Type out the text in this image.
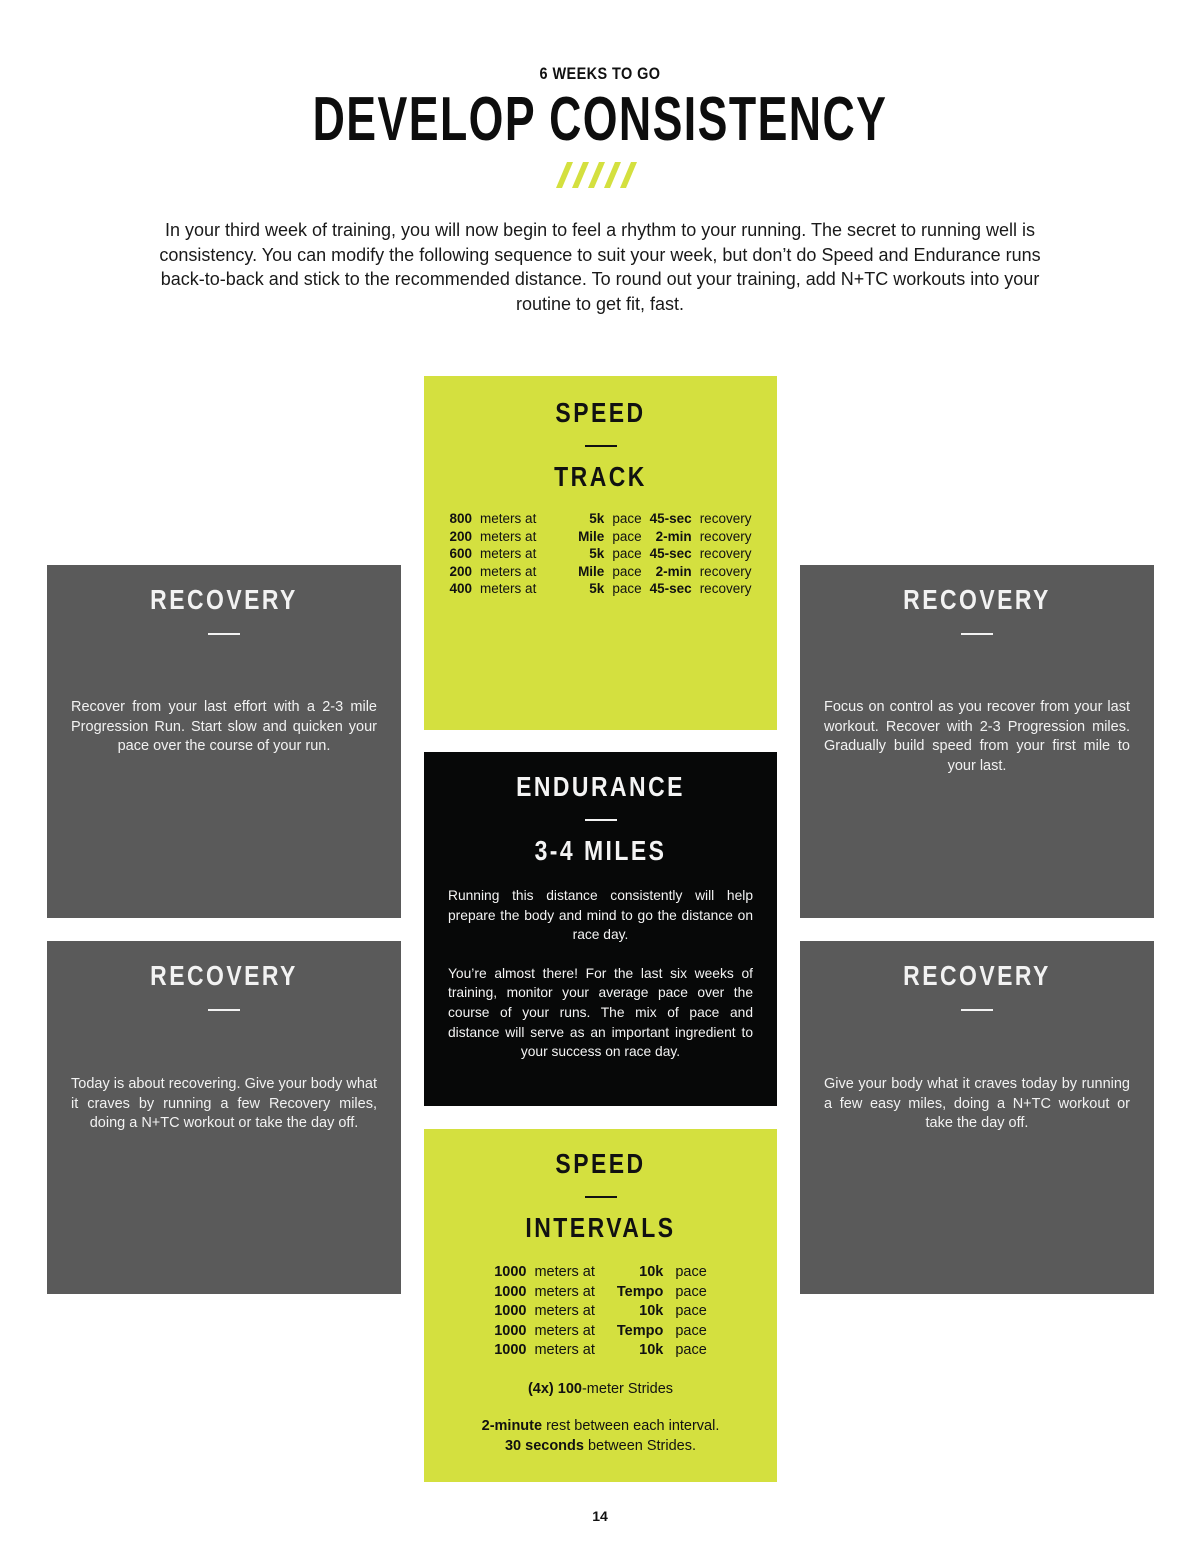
6 WEEKS TO GO
DEVELOP CONSISTENCY
In your third week of training, you will now begin to feel a rhythm to your running. The secret to running well is consistency. You can modify the following sequence to suit your week, but don’t do Speed and Endurance runs back-to-back and stick to the recommended distance. To round out your training, add N+TC workouts into your routine to get fit, fast.
SPEED
TRACK
800	meters at	5k	pace	45-sec	recovery
200	meters at	Mile	pace	2-min	recovery
600	meters at	5k	pace	45-sec	recovery
200	meters at	Mile	pace	2-min	recovery
400	meters at	5k	pace	45-sec	recovery
RECOVERY
Recover from your last effort with a 2-3 mile Progression Run. Start slow and quicken your pace over the course of your run.
RECOVERY
Focus on control as you recover from your last workout. Recover with 2-3 Progression miles. Gradually build speed from your first mile to your last.
ENDURANCE
3-4 MILES
Running this distance consistently will help prepare the body and mind to go the distance on race day.
You’re almost there! For the last six weeks of training, monitor your average pace over the course of your runs. The mix of pace and distance will serve as an important ingredient to your success on race day.
RECOVERY
Today is about recovering. Give your body what it craves by running a few Recovery miles, doing a N+TC workout or take the day off.
RECOVERY
Give your body what it craves today by running a few easy miles, doing a N+TC workout or take the day off.
SPEED
INTERVALS
1000	meters at	10k	pace
1000	meters at	Tempo	pace
1000	meters at	10k	pace
1000	meters at	Tempo	pace
1000	meters at	10k	pace
(4x) 100-meter Strides
2-minute rest between each interval.
30 seconds between Strides.
14
